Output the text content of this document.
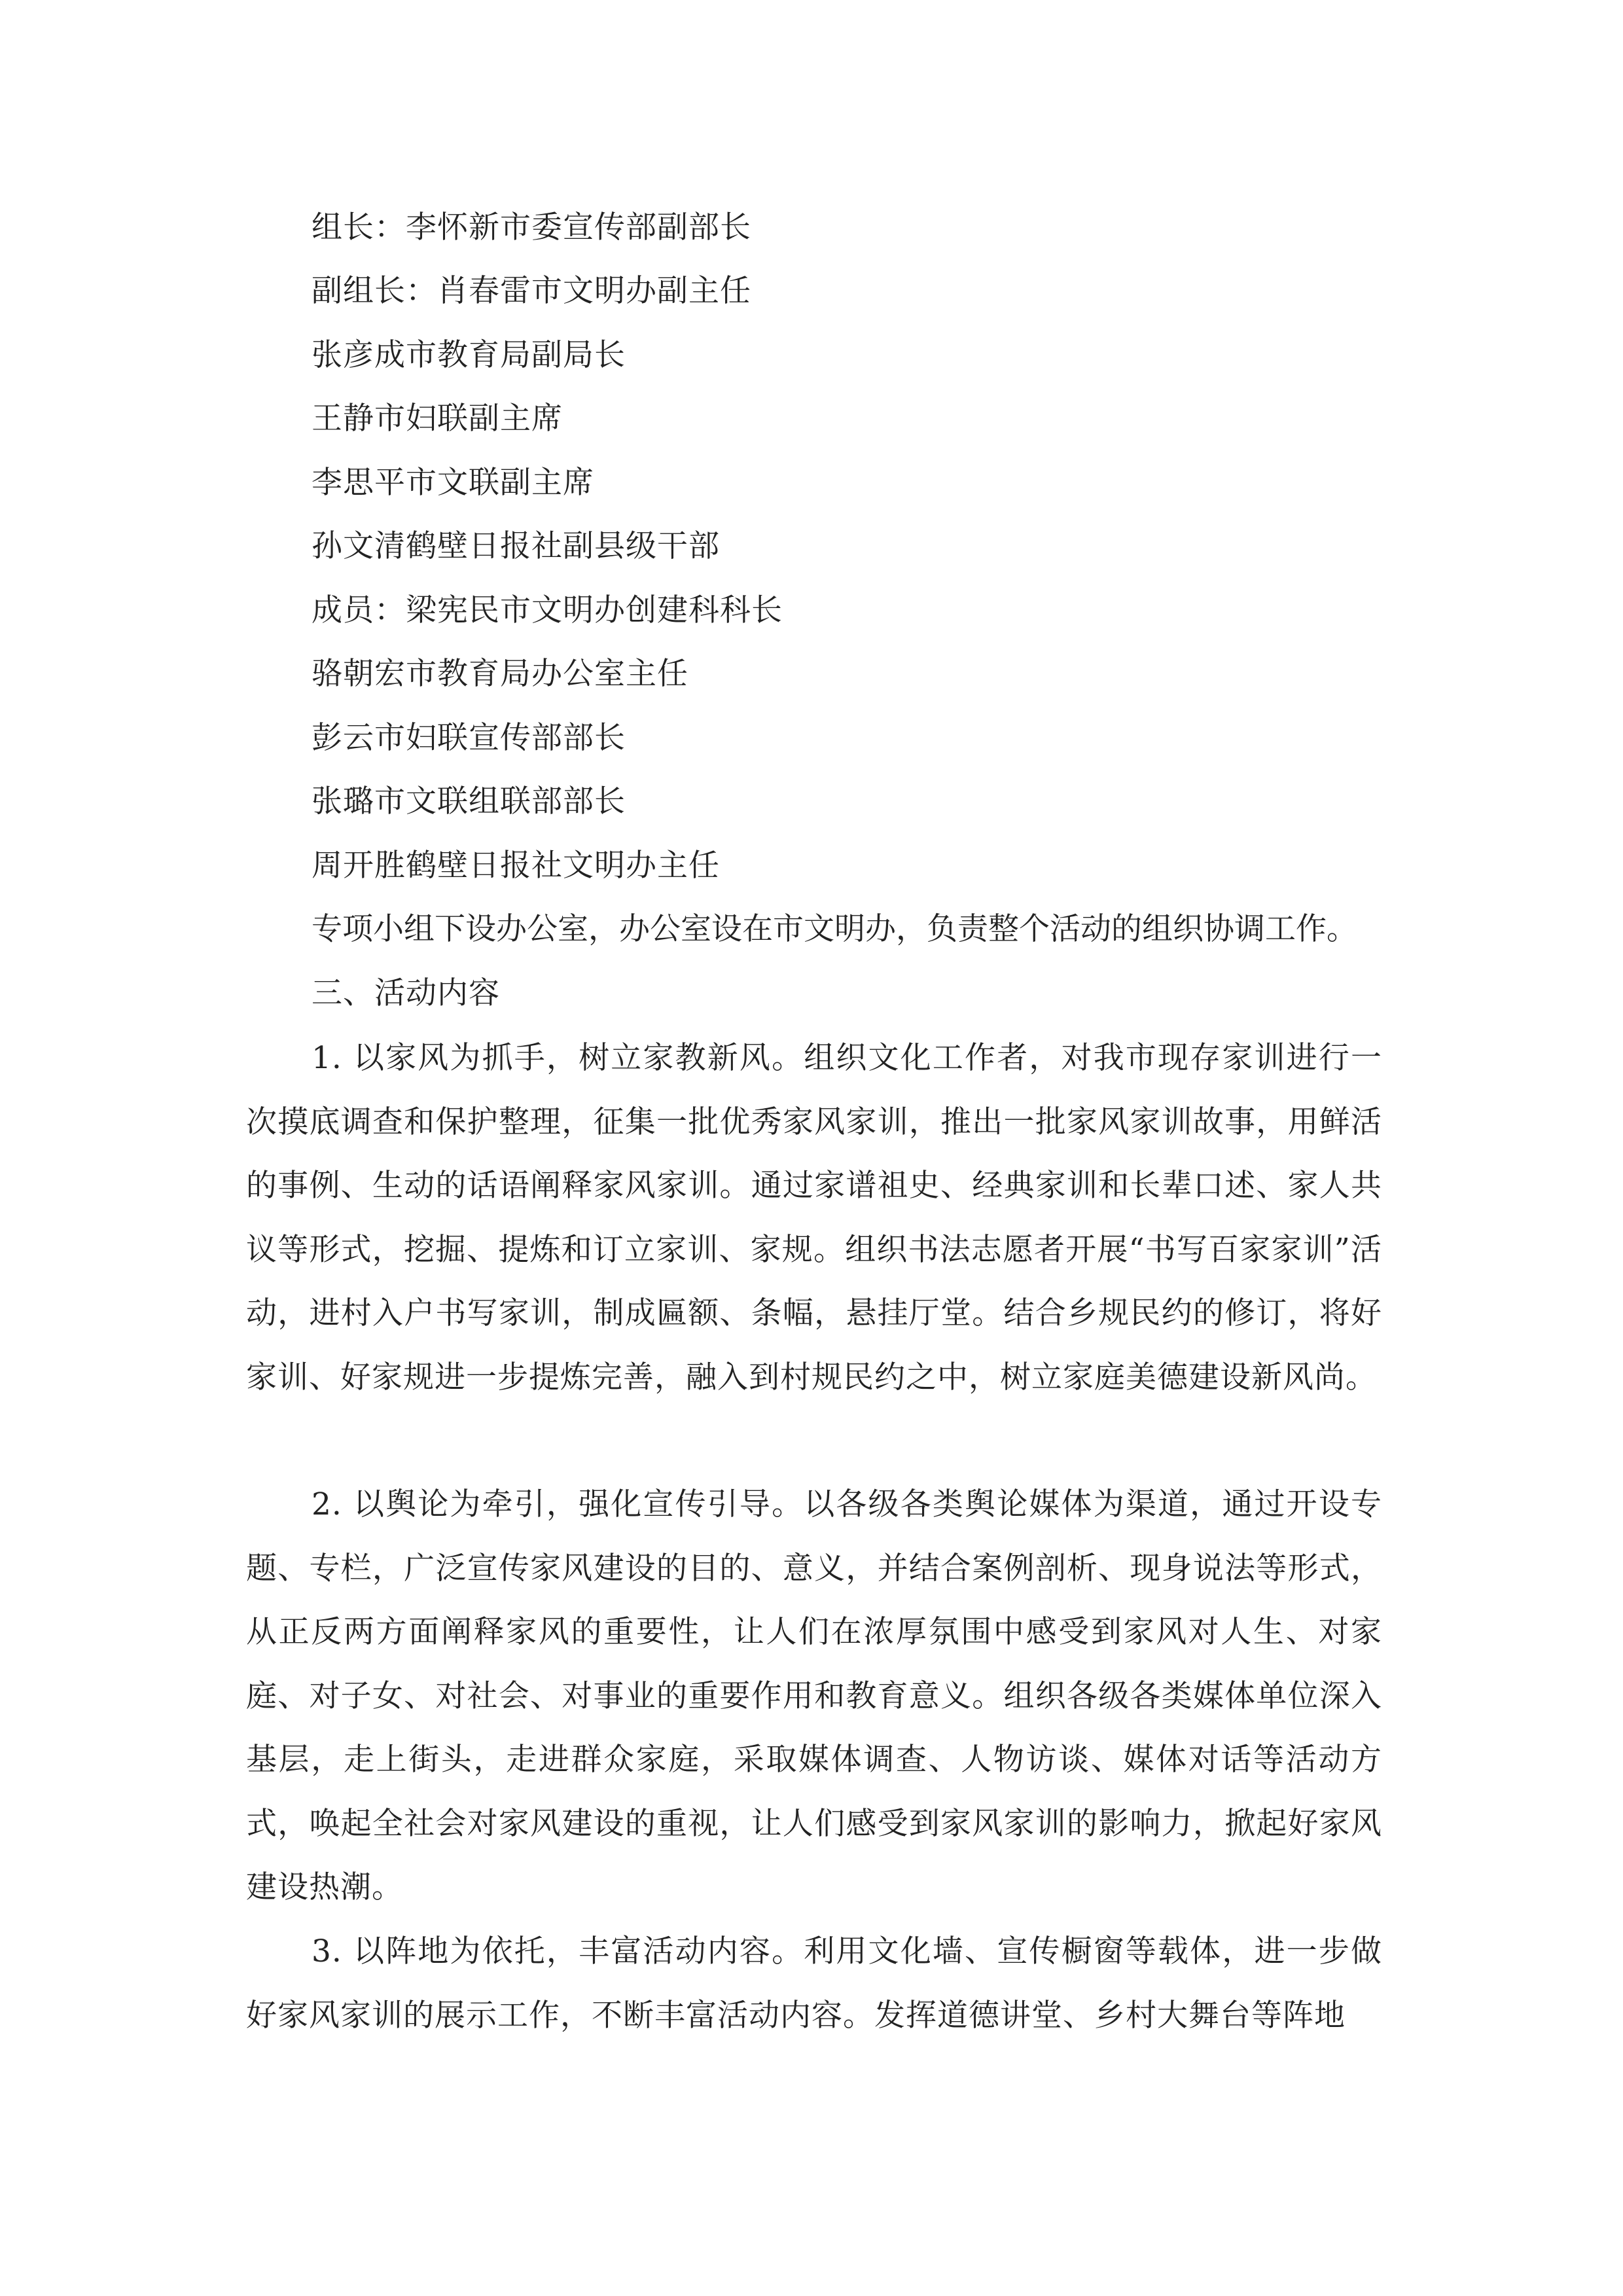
组长：李怀新市委宣传部副部长

副组长：肖春雷市文明办副主任

张彦成市教育局副局长

王静市妇联副主席

李思平市文联副主席

孙文清鹤壁日报社副县级干部

成员：梁宪民市文明办创建科科长

骆朝宏市教育局办公室主任

彭云市妇联宣传部部长

张璐市文联组联部部长

周开胜鹤壁日报社文明办主任

专项小组下设办公室，办公室设在市文明办，负责整个活动的组织协调工作。

三、活动内容

1. 以家风为抓手，树立家教新风。组织文化工作者，对我市现存家训进行一次摸底调查和保护整理，征集一批优秀家风家训，推出一批家风家训故事，用鲜活的事例、生动的话语阐释家风家训。通过家谱祖史、经典家训和长辈口述、家人共议等形式，挖掘、提炼和订立家训、家规。组织书法志愿者开展“书写百家家训”活动，进村入户书写家训，制成匾额、条幅，悬挂厅堂。结合乡规民约的修订，将好家训、好家规进一步提炼完善，融入到村规民约之中，树立家庭美德建设新风尚。

2. 以舆论为牵引，强化宣传引导。以各级各类舆论媒体为渠道，通过开设专题、专栏，广泛宣传家风建设的目的、意义，并结合案例剖析、现身说法等形式，从正反两方面阐释家风的重要性，让人们在浓厚氛围中感受到家风对人生、对家庭、对子女、对社会、对事业的重要作用和教育意义。组织各级各类媒体单位深入基层，走上街头，走进群众家庭，采取媒体调查、人物访谈、媒体对话等活动方式，唤起全社会对家风建设的重视，让人们感受到家风家训的影响力，掀起好家风建设热潮。

3. 以阵地为依托，丰富活动内容。利用文化墙、宣传橱窗等载体，进一步做好家风家训的展示工作，不断丰富活动内容。发挥道德讲堂、乡村大舞台等阵地
